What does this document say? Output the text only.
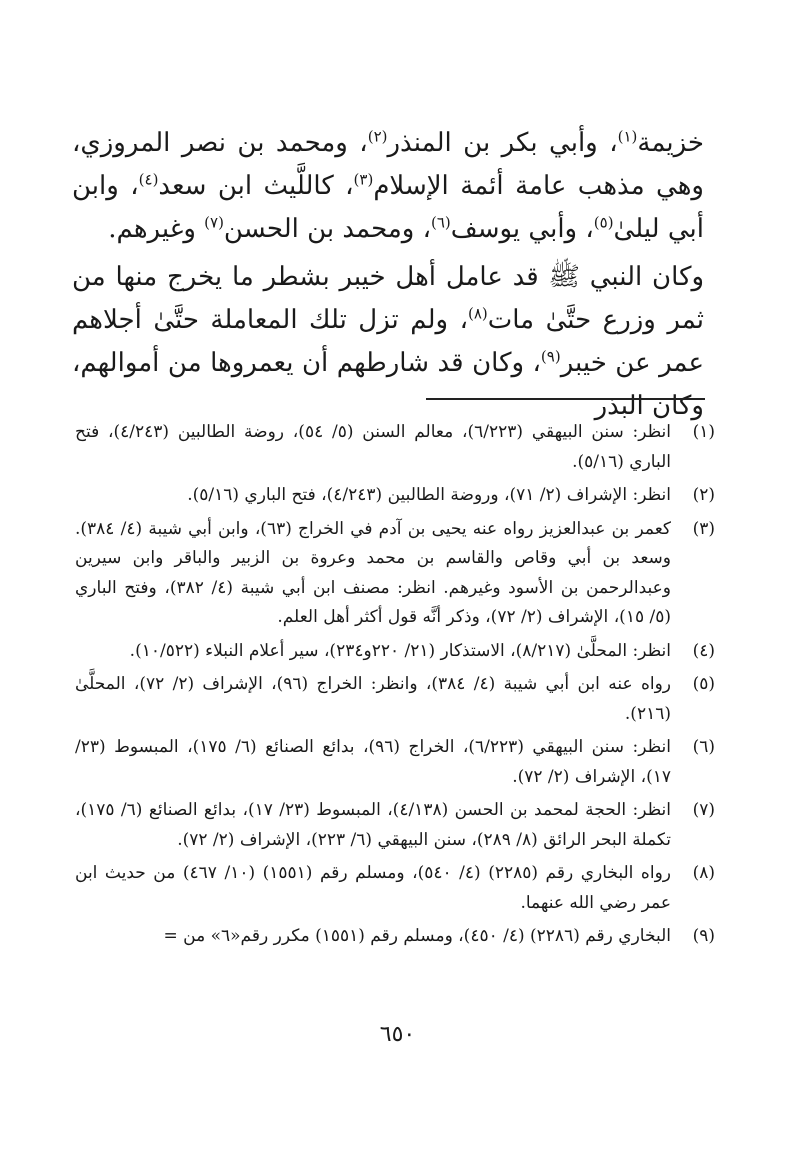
خزيمة$^{(١)}$، وأبي بكر بن المنذر$^{(٢)}$، ومحمد بن نصر المروزي، وهي مذهب عامة أئمة الإسلام$^{(٣)}$، كاللَّيث ابن سعد$^{(٤)}$، وابن أبي ليلىٰ$^{(٥)}$، وأبي يوسف$^{(٦)}$، ومحمد بن الحسن$^{(٧)}$ وغيرهم.

وكان النبي ﷺ قد عامل أهل خيبر بشطر ما يخرج منها من ثمر وزرع حتَّىٰ مات$^{(٨)}$، ولم تزل تلك المعاملة حتَّىٰ أجلاهم عمر عن خيبر$^{(٩)}$، وكان قد شارطهم أن يعمروها من أموالهم، وكان البذر

(١)
انظر: سنن البيهقي (٦/٢٢٣)، معالم السنن (٥/ ٥٤)، روضة الطالبين (٤/٢٤٣)، فتح الباري (٥/١٦).
(٢)
انظر: الإشراف (٢/ ٧١)، وروضة الطالبين (٤/٢٤٣)، فتح الباري (٥/١٦).
(٣)
كعمر بن عبدالعزيز رواه عنه يحيى بن آدم في الخراج (٦٣)، وابن أبي شيبة (٤/ ٣٨٤). وسعد بن أبي وقاص والقاسم بن محمد وعروة بن الزبير والباقر وابن سيرين وعبدالرحمن بن الأسود وغيرهم. انظر: مصنف ابن أبي شيبة (٤/ ٣٨٢)، وفتح الباري (٥/ ١٥)، الإشراف (٢/ ٧٢)، وذكر أنَّه قول أكثر أهل العلم.
(٤)
انظر: المحلَّىٰ (٨/٢١٧)، الاستذكار (٢١/ ٢٢٠و٢٣٤)، سير أعلام النبلاء (١٠/٥٢٢).
(٥)
رواه عنه ابن أبي شيبة (٤/ ٣٨٤)، وانظر: الخراج (٩٦)، الإشراف (٢/ ٧٢)، المحلَّىٰ (٢١٦).
(٦)
انظر: سنن البيهقي (٦/٢٢٣)، الخراج (٩٦)، بدائع الصنائع (٦/ ١٧٥)، المبسوط (٢٣/ ١٧)، الإشراف (٢/ ٧٢).
(٧)
انظر: الحجة لمحمد بن الحسن (٤/١٣٨)، المبسوط (٢٣/ ١٧)، بدائع الصنائع (٦/ ١٧٥)، تكملة البحر الرائق (٨/ ٢٨٩)، سنن البيهقي (٦/ ٢٢٣)، الإشراف (٢/ ٧٢).
(٨)
رواه البخاري رقم (٢٢٨٥) (٤/ ٥٤٠)، ومسلم رقم (١٥٥١) (١٠/ ٤٦٧) من حديث ابن عمر رضي الله عنهما.
(٩)
البخاري رقم (٢٢٨٦) (٤/ ٤٥٠)، ومسلم رقم (١٥٥١) مكرر رقم«٦» من =
٦٥٠
